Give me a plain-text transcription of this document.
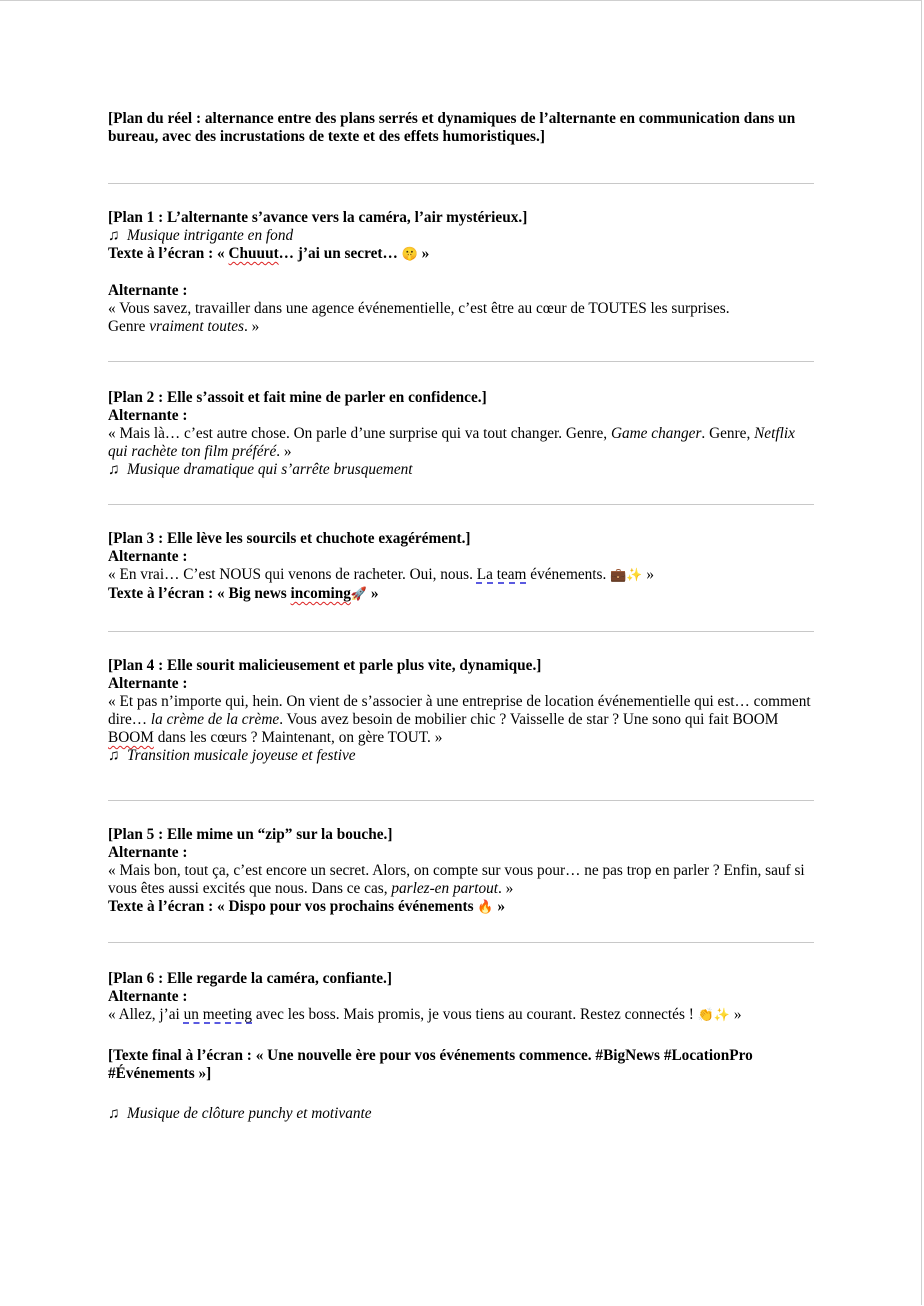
[Plan du réel : alternance entre des plans serrés et dynamiques de l’alternante en communication dans un bureau, avec des incrustations de texte et des effets humoristiques.]

[Plan 1 : L’alternante s’avance vers la caméra, l’air mystérieux.]

♫ Musique intrigante en fond

Texte à l’écran : « Chuuut… j’ai un secret… 🤫 »

Alternante :

« Vous savez, travailler dans une agence événementielle, c’est être au cœur de TOUTES les surprises.

Genre vraiment toutes. »

[Plan 2 : Elle s’assoit et fait mine de parler en confidence.]

Alternante :

« Mais là… c’est autre chose. On parle d’une surprise qui va tout changer. Genre, Game changer. Genre, Netflix qui rachète ton film préféré. »

♫ Musique dramatique qui s’arrête brusquement

[Plan 3 : Elle lève les sourcils et chuchote exagérément.]

Alternante :

« En vrai… C’est NOUS qui venons de racheter. Oui, nous. La team événements. 💼✨ »

Texte à l’écran : « Big news incoming🚀 »

[Plan 4 : Elle sourit malicieusement et parle plus vite, dynamique.]

Alternante :

« Et pas n’importe qui, hein. On vient de s’associer à une entreprise de location événementielle qui est… comment dire… la crème de la crème. Vous avez besoin de mobilier chic ? Vaisselle de star ? Une sono qui fait BOOM BOOM dans les cœurs ? Maintenant, on gère TOUT. »

♫ Transition musicale joyeuse et festive

[Plan 5 : Elle mime un “zip” sur la bouche.]

Alternante :

« Mais bon, tout ça, c’est encore un secret. Alors, on compte sur vous pour… ne pas trop en parler ? Enfin, sauf si vous êtes aussi excités que nous. Dans ce cas, parlez-en partout. »

Texte à l’écran : « Dispo pour vos prochains événements 🔥 »

[Plan 6 : Elle regarde la caméra, confiante.]

Alternante :

« Allez, j’ai un meeting avec les boss. Mais promis, je vous tiens au courant. Restez connectés ! 👏✨ »

[Texte final à l’écran : « Une nouvelle ère pour vos événements commence. #BigNews #LocationPro #Événements »]

♫ Musique de clôture punchy et motivante
